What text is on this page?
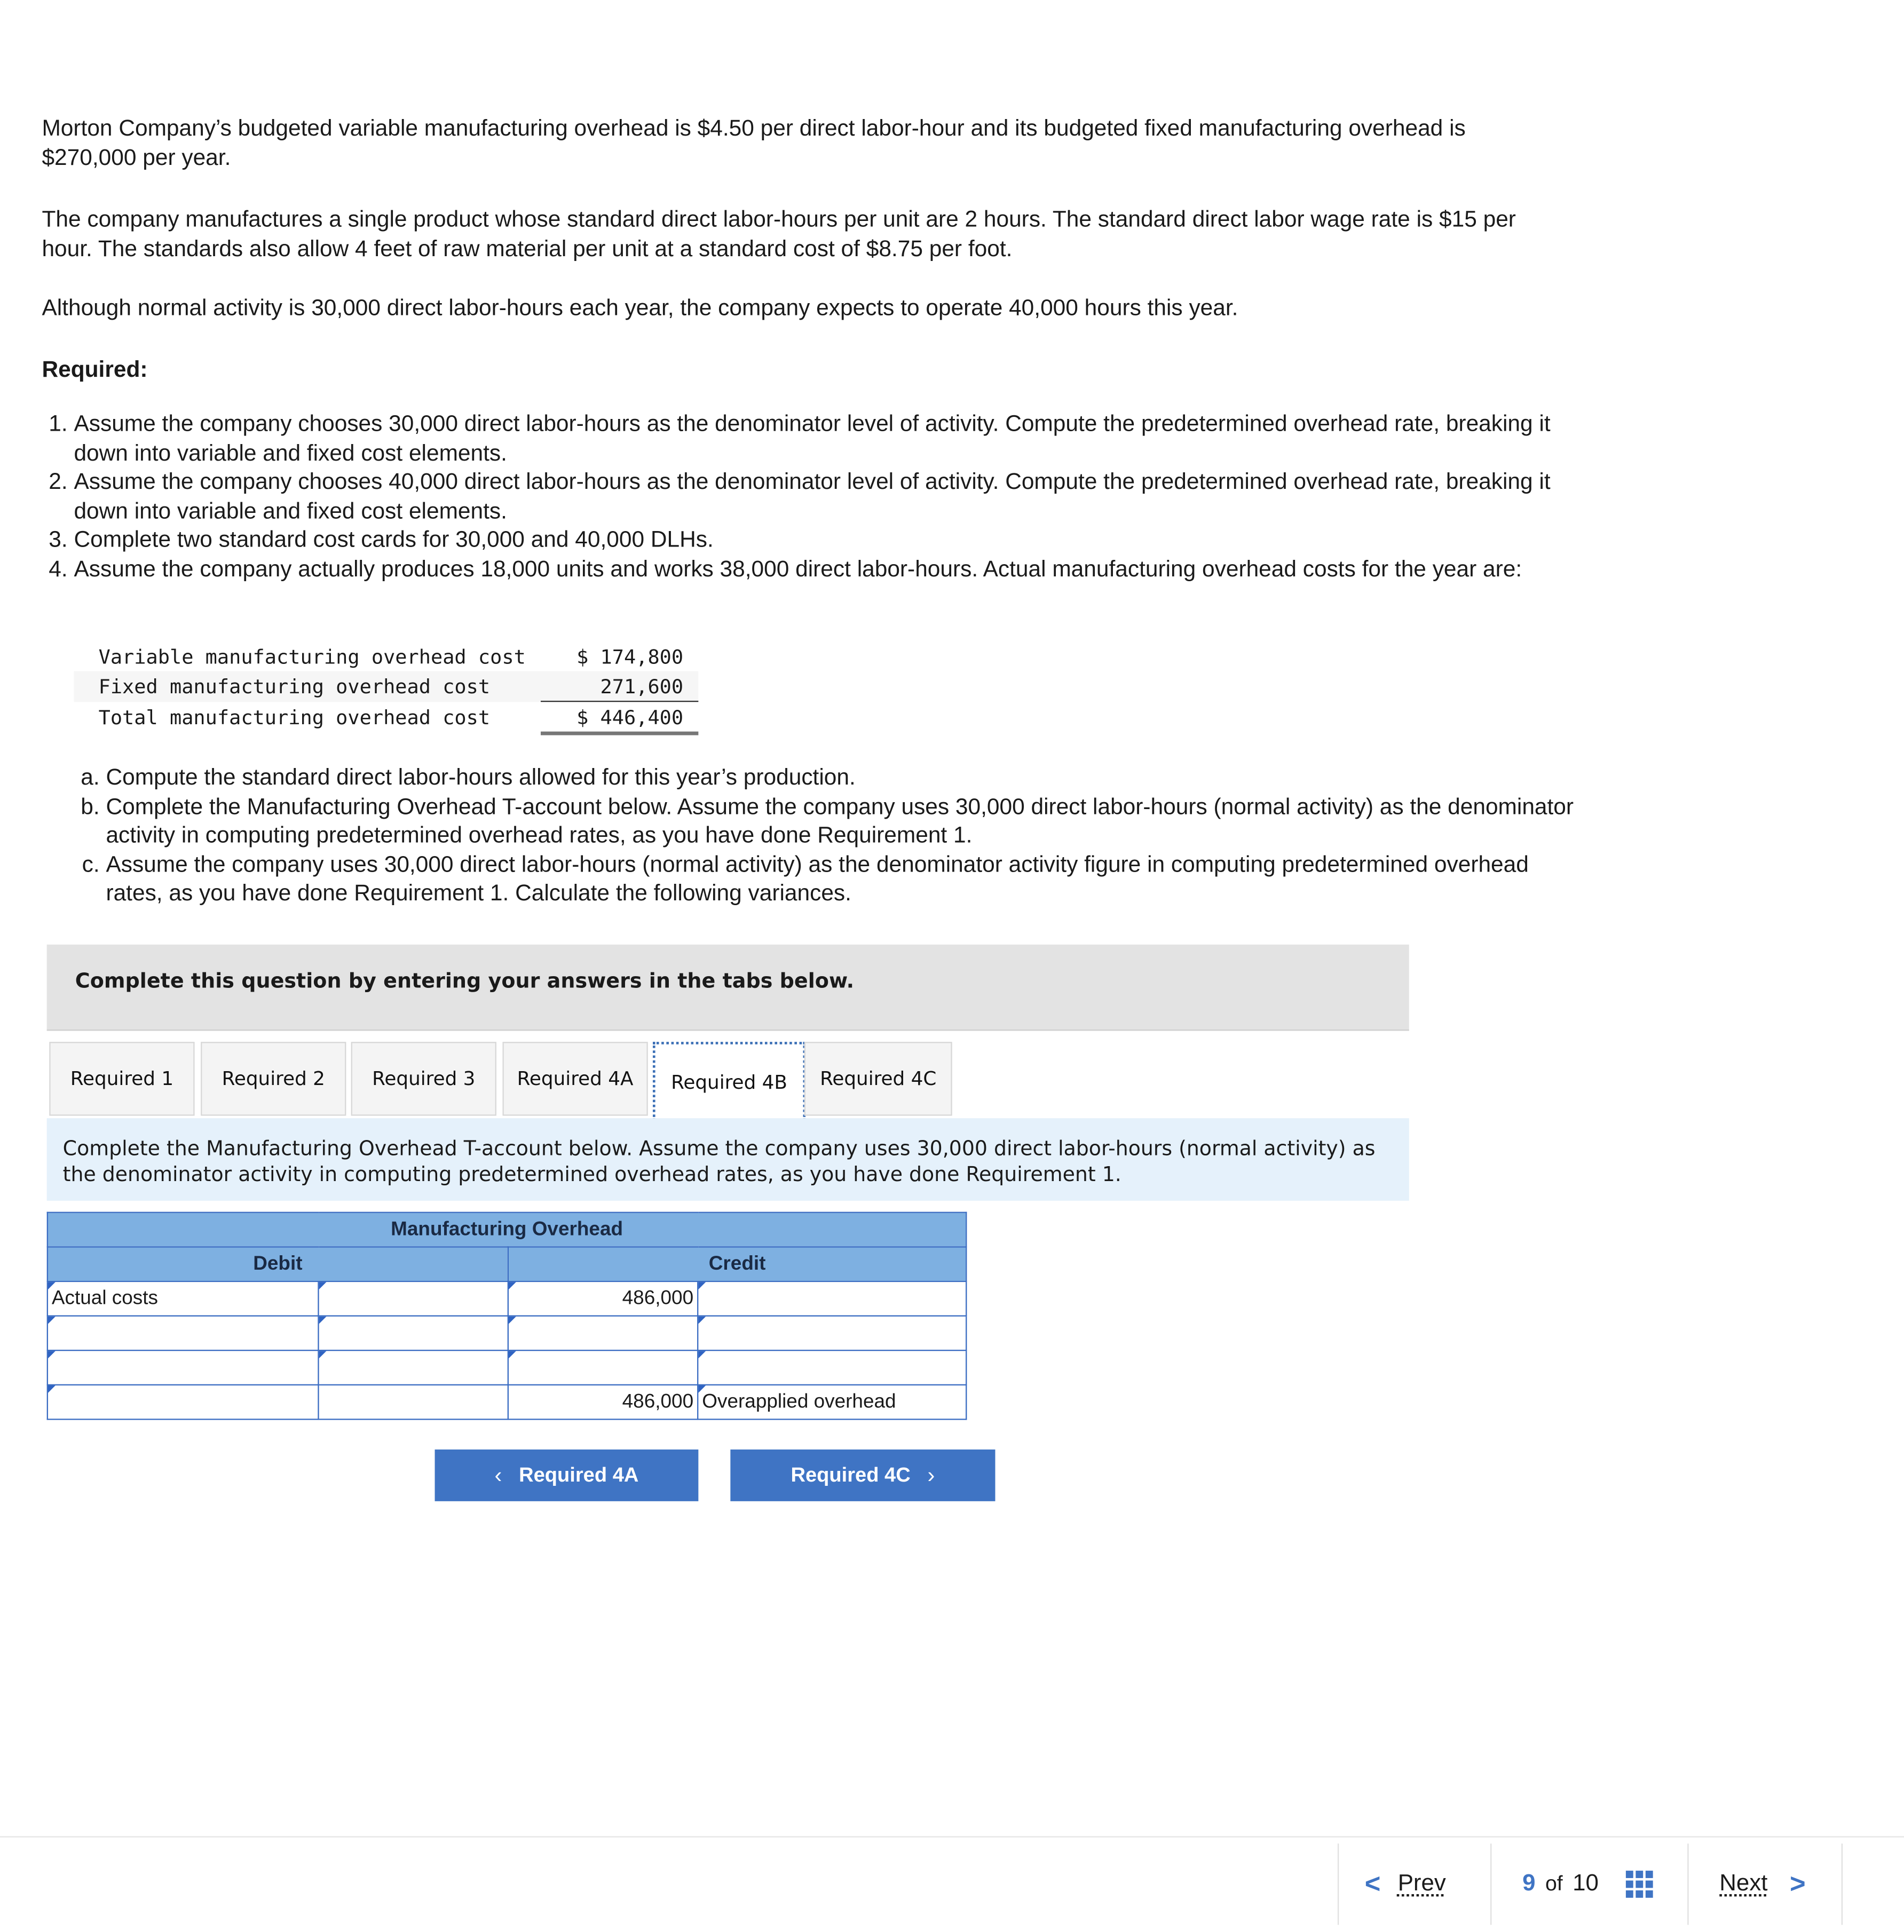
Morton Company’s budgeted variable manufacturing overhead is $4.50 per direct labor-hour and its budgeted fixed manufacturing overhead is $270,000 per year.

The company manufactures a single product whose standard direct labor-hours per unit are 2 hours. The standard direct labor wage rate is $15 per hour. The standards also allow 4 feet of raw material per unit at a standard cost of $8.75 per foot.

Although normal activity is 30,000 direct labor-hours each year, the company expects to operate 40,000 hours this year.

Required:

1. Assume the company chooses 30,000 direct labor-hours as the denominator level of activity. Compute the predetermined overhead rate, breaking it down into variable and fixed cost elements.
2. Assume the company chooses 40,000 direct labor-hours as the denominator level of activity. Compute the predetermined overhead rate, breaking it down into variable and fixed cost elements.
3. Complete two standard cost cards for 30,000 and 40,000 DLHs.
4. Assume the company actually produces 18,000 units and works 38,000 direct labor-hours. Actual manufacturing overhead costs for the year are:
Variable manufacturing overhead cost	$ 174,800
Fixed manufacturing overhead cost	271,600
Total manufacturing overhead cost	$ 446,400
a. Compute the standard direct labor-hours allowed for this year’s production.
b. Complete the Manufacturing Overhead T-account below. Assume the company uses 30,000 direct labor-hours (normal activity) as the denominator activity in computing predetermined overhead rates, as you have done Requirement 1.
c. Assume the company uses 30,000 direct labor-hours (normal activity) as the denominator activity figure in computing predetermined overhead rates, as you have done Requirement 1. Calculate the following variances.
Complete this question by entering your answers in the tabs below.
Required 1	Required 2	Required 3	Required 4A	Required 4B	Required 4C
Complete the Manufacturing Overhead T-account below. Assume the company uses 30,000 direct labor-hours (normal activity) as the denominator activity in computing predetermined overhead rates, as you have done Requirement 1.
Manufacturing Overhead			
Debit		Credit	
Actual costs		486,000	

		486,000	Overapplied overhead
‹
Required 4A	Required 4C
›
< Prev	9 of 10	Next >
